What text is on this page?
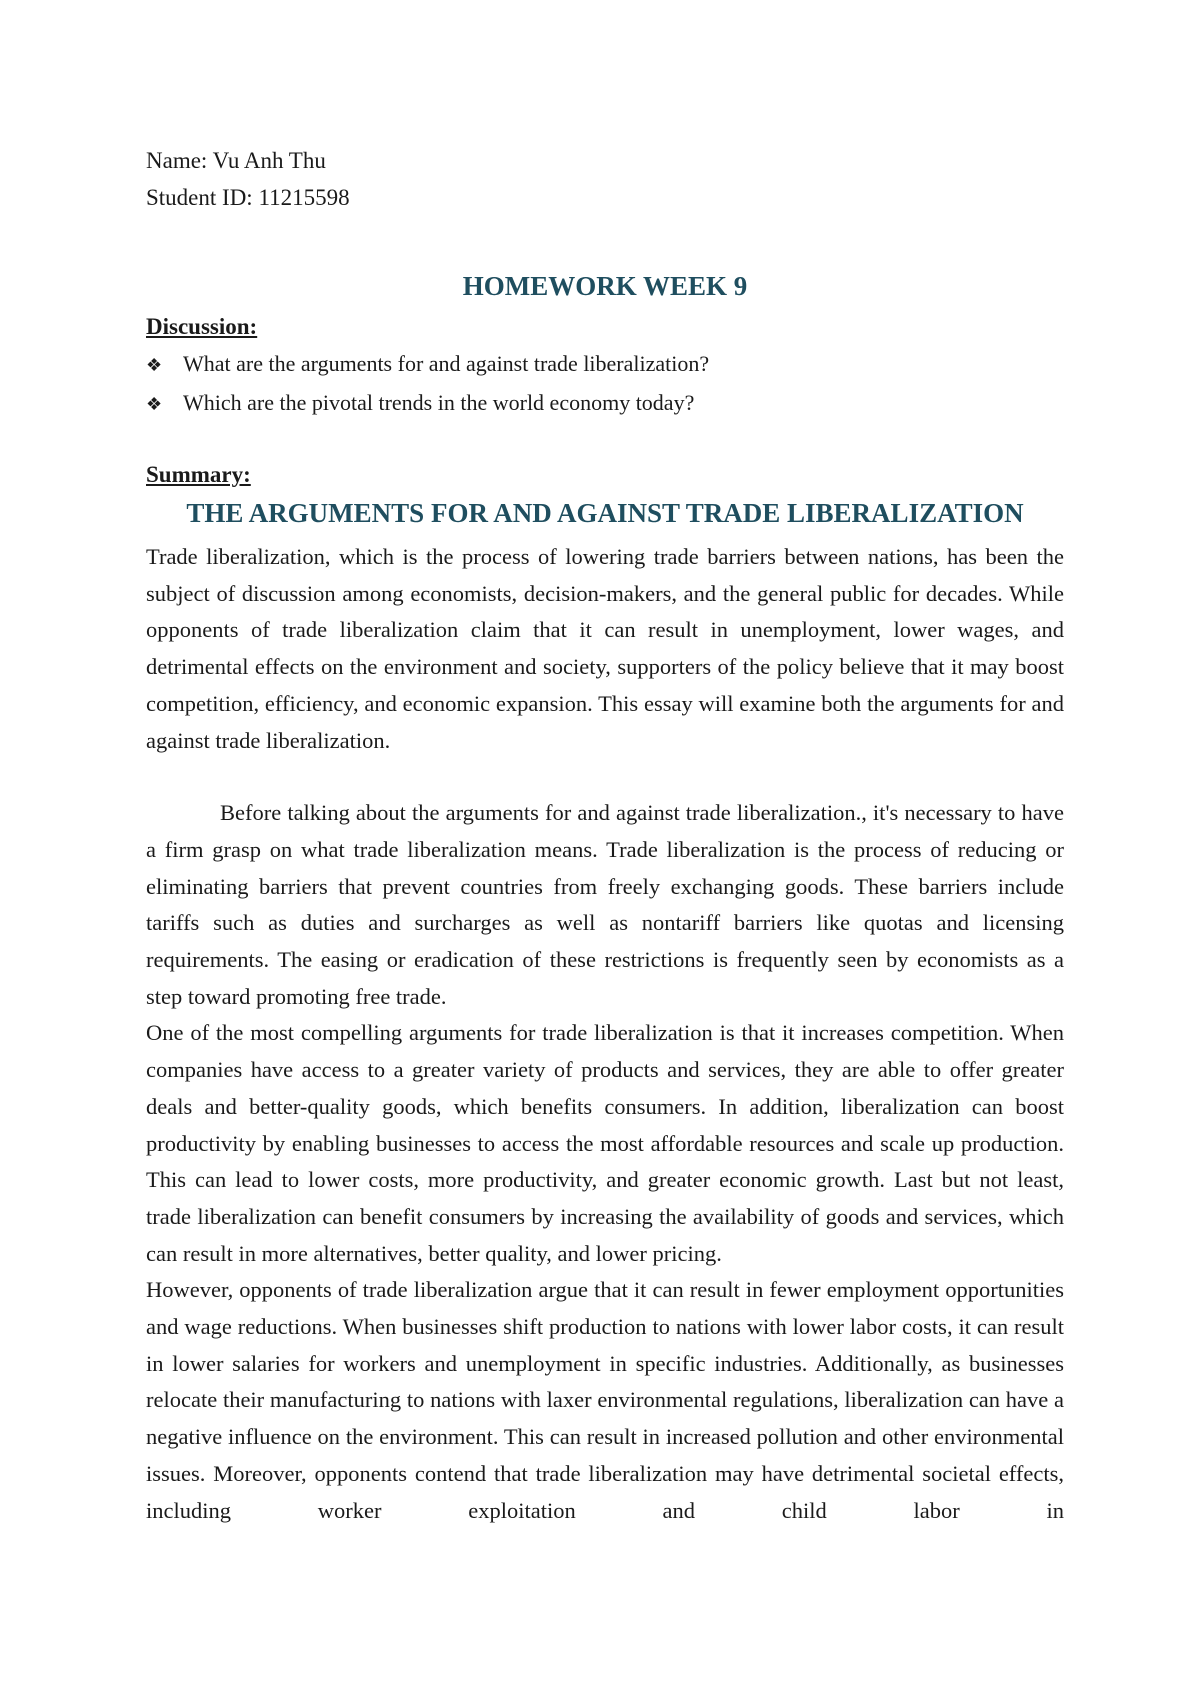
Name: Vu Anh Thu

Student ID: 11215598

HOMEWORK WEEK 9

Discussion:

❖ What are the arguments for and against trade liberalization?
❖ Which are the pivotal trends in the world economy today?

Summary:

THE ARGUMENTS FOR AND AGAINST TRADE LIBERALIZATION

Trade liberalization, which is the process of lowering trade barriers between nations, has been the subject of discussion among economists, decision-makers, and the general public for decades. While opponents of trade liberalization claim that it can result in unemployment, lower wages, and detrimental effects on the environment and society, supporters of the policy believe that it may boost competition, efficiency, and economic expansion. This essay will examine both the arguments for and against trade liberalization.

Before talking about the arguments for and against trade liberalization., it's necessary to have a firm grasp on what trade liberalization means. Trade liberalization is the process of reducing or eliminating barriers that prevent countries from freely exchanging goods. These barriers include tariffs such as duties and surcharges as well as nontariff barriers like quotas and licensing requirements. The easing or eradication of these restrictions is frequently seen by economists as a step toward promoting free trade.

One of the most compelling arguments for trade liberalization is that it increases competition. When companies have access to a greater variety of products and services, they are able to offer greater deals and better-quality goods, which benefits consumers. In addition, liberalization can boost productivity by enabling businesses to access the most affordable resources and scale up production. This can lead to lower costs, more productivity, and greater economic growth. Last but not least, trade liberalization can benefit consumers by increasing the availability of goods and services, which can result in more alternatives, better quality, and lower pricing.

However, opponents of trade liberalization argue that it can result in fewer employment opportunities and wage reductions. When businesses shift production to nations with lower labor costs, it can result in lower salaries for workers and unemployment in specific industries. Additionally, as businesses relocate their manufacturing to nations with laxer environmental regulations, liberalization can have a negative influence on the environment. This can result in increased pollution and other environmental issues. Moreover, opponents contend that trade liberalization may have detrimental societal effects, including worker exploitation and child labor in
